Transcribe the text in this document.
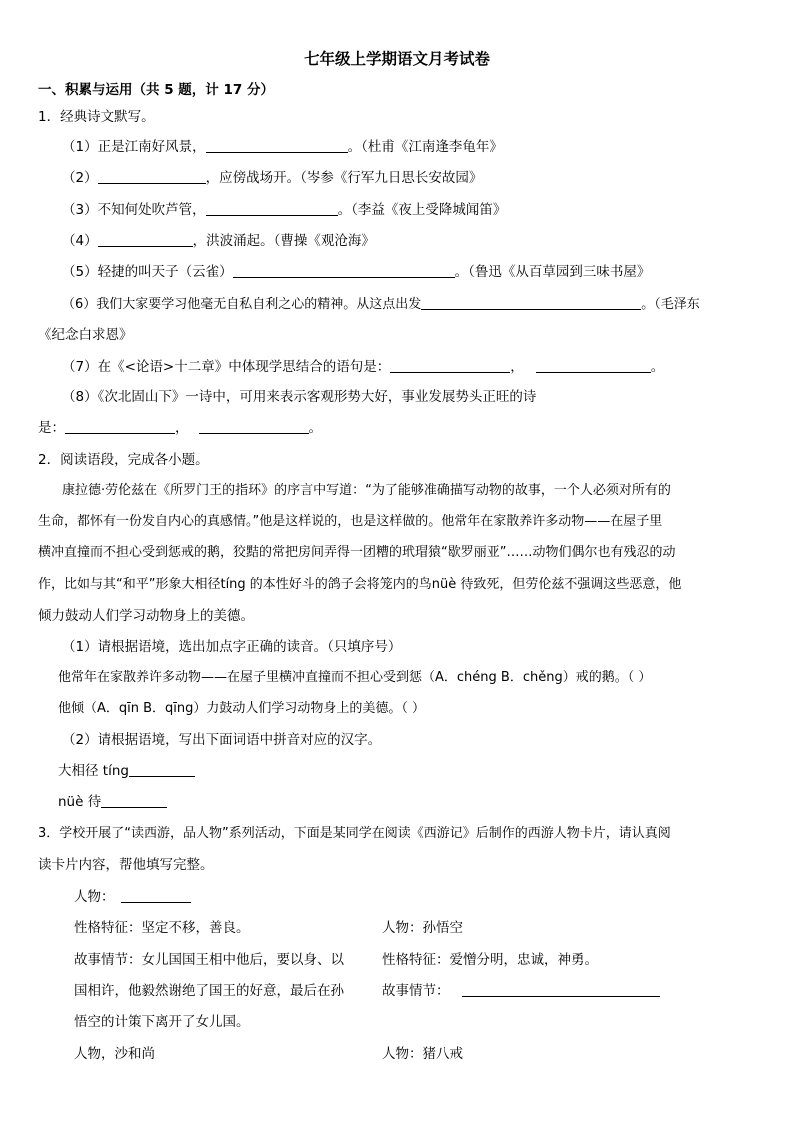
七年级上学期语文月考试卷
一、积累与运用（共 5 题，计 17 分）
1．经典诗文默写。
（1）正是江南好风景，	。（杜甫《江南逢李龟年》
（2）	，应傍战场开。（岑参《行军九日思长安故园》
（3）不知何处吹芦管，	。（李益《夜上受降城闻笛》
（4）	，洪波涌起。（曹操《观沧海》
（5）轻捷的叫天子（云雀）	。（鲁迅《从百草园到三味书屋》
（6）我们大家要学习他毫无自私自利之心的精神。从这点出发	。（毛泽东
《纪念白求恩》
（7）在《<论语>十二章》中体现学思结合的语句是：	，	。
（8）《次北固山下》一诗中，可用来表示客观形势大好，事业发展势头正旺的诗
是：	，	。
2．阅读语段，完成各小题。
康拉德·劳伦兹在《所罗门王的指环》的序言中写道：“为了能够准确描写动物的故事，一个人必须对所有的
生命，都怀有一份发自内心的真感情。”他是这样说的，也是这样做的。他常年在家散养许多动物——在屋子里
横冲直撞而不担心受到惩戒的鹅，狡黠的常把房间弄得一团糟的玳瑁猿“歇罗丽亚”……动物们偶尔也有残忍的动
作，比如与其“和平”形象大相径tíng 的本性好斗的鸽子会将笼内的鸟nüè 待致死，但劳伦兹不强调这些恶意，他
倾力鼓动人们学习动物身上的美德。
（1）请根据语境，选出加点字正确的读音。（只填序号）
他常年在家散养许多动物——在屋子里横冲直撞而不担心受到惩（A．chéng B．chěng）戒的鹅。（ ）
他倾（A．qīn B．qīng）力鼓动人们学习动物身上的美德。（ ）
（2）请根据语境，写出下面词语中拼音对应的汉字。
大相径 tíng
nüè 待
3．学校开展了“读西游，品人物”系列活动，下面是某同学在阅读《西游记》后制作的西游人物卡片，请认真阅
读卡片内容，帮他填写完整。
人物：
性格特征：坚定不移，善良。
故事情节：女儿国国王相中他后，要以身、以
国相许，他毅然谢绝了国王的好意，最后在孙
悟空的计策下离开了女儿国。
人物，沙和尚
人物：孙悟空
性格特征：爱憎分明，忠诚，神勇。
故事情节：
人物：猪八戒
